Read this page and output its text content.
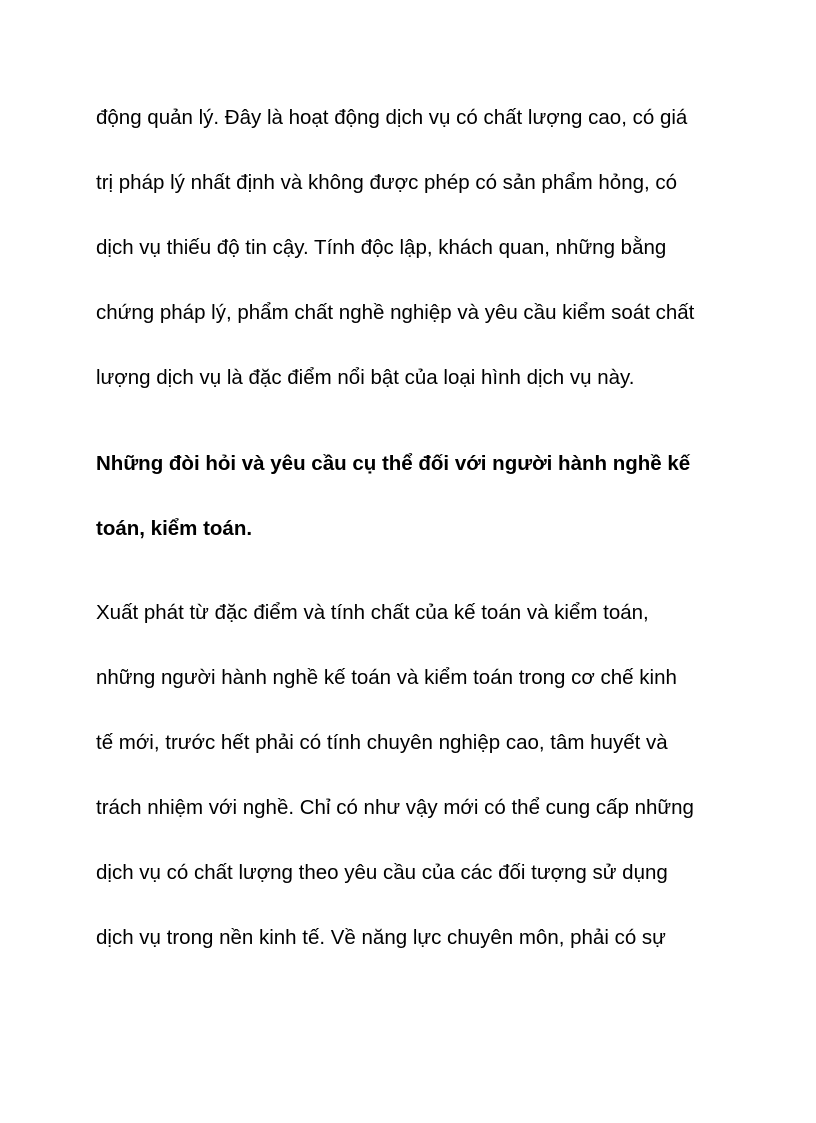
động quản lý. Đây là hoạt động dịch vụ có chất lượng cao, có giá
trị pháp lý nhất định và không được phép có sản phẩm hỏng, có
dịch vụ thiếu độ tin cậy. Tính độc lập, khách quan, những bằng
chứng pháp lý, phẩm chất nghề nghiệp và yêu cầu kiểm soát chất
lượng dịch vụ là đặc điểm nổi bật của loại hình dịch vụ này.
Những đòi hỏi và yêu cầu cụ thể đối với người hành nghề kế
toán, kiểm toán.
Xuất phát từ đặc điểm và tính chất của kế toán và kiểm toán,
những người hành nghề kế toán và kiểm toán trong cơ chế kinh
tế mới, trước hết phải có tính chuyên nghiệp cao, tâm huyết và
trách nhiệm với nghề. Chỉ có như vậy mới có thể cung cấp những
dịch vụ có chất lượng theo yêu cầu của các đối tượng sử dụng
dịch vụ trong nền kinh tế. Về năng lực chuyên môn, phải có sự
